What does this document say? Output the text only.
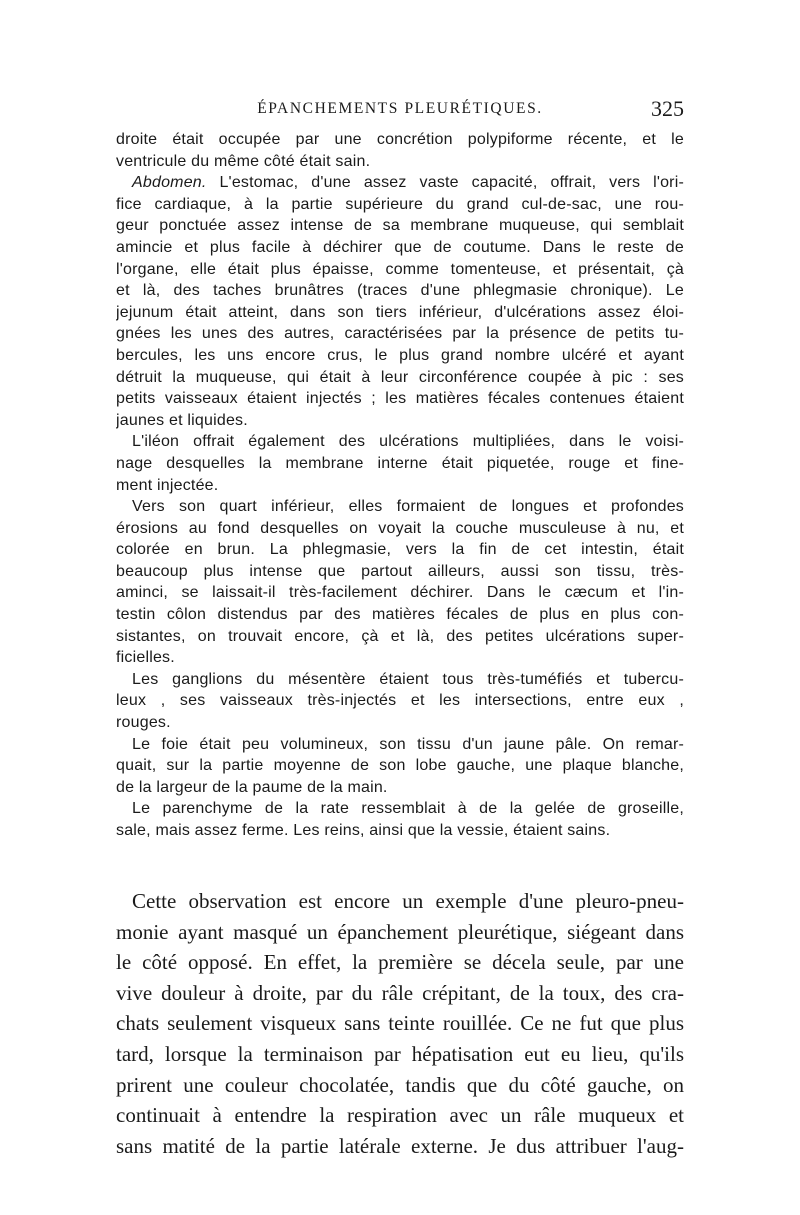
ÉPANCHEMENTS PLEURÉTIQUES.	325
droite était occupée par une concrétion polypiforme récente, et le
ventricule du même côté était sain.
Abdomen. L'estomac, d'une assez vaste capacité, offrait, vers l'ori-
fice cardiaque, à la partie supérieure du grand cul-de-sac, une rou-
geur ponctuée assez intense de sa membrane muqueuse, qui semblait
amincie et plus facile à déchirer que de coutume. Dans le reste de
l'organe, elle était plus épaisse, comme tomenteuse, et présentait, çà
et là, des taches brunâtres (traces d'une phlegmasie chronique). Le
jejunum était atteint, dans son tiers inférieur, d'ulcérations assez éloi-
gnées les unes des autres, caractérisées par la présence de petits tu-
bercules, les uns encore crus, le plus grand nombre ulcéré et ayant
détruit la muqueuse, qui était à leur circonférence coupée à pic : ses
petits vaisseaux étaient injectés ; les matières fécales contenues étaient
jaunes et liquides.
L'iléon offrait également des ulcérations multipliées, dans le voisi-
nage desquelles la membrane interne était piquetée, rouge et fine-
ment injectée.
Vers son quart inférieur, elles formaient de longues et profondes
érosions au fond desquelles on voyait la couche musculeuse à nu, et
colorée en brun. La phlegmasie, vers la fin de cet intestin, était
beaucoup plus intense que partout ailleurs, aussi son tissu, très-
aminci, se laissait-il très-facilement déchirer. Dans le cæcum et l'in-
testin côlon distendus par des matières fécales de plus en plus con-
sistantes, on trouvait encore, çà et là, des petites ulcérations super-
ficielles.
Les ganglions du mésentère étaient tous très-tuméfiés et tubercu-
leux , ses vaisseaux très-injectés et les intersections, entre eux ,
rouges.
Le foie était peu volumineux, son tissu d'un jaune pâle. On remar-
quait, sur la partie moyenne de son lobe gauche, une plaque blanche,
de la largeur de la paume de la main.
Le parenchyme de la rate ressemblait à de la gelée de groseille,
sale, mais assez ferme. Les reins, ainsi que la vessie, étaient sains.
Cette observation est encore un exemple d'une pleuro-pneu-
monie ayant masqué un épanchement pleurétique, siégeant dans
le côté opposé. En effet, la première se décela seule, par une
vive douleur à droite, par du râle crépitant, de la toux, des cra-
chats seulement visqueux sans teinte rouillée. Ce ne fut que plus
tard, lorsque la terminaison par hépatisation eut eu lieu, qu'ils
prirent une couleur chocolatée, tandis que du côté gauche, on
continuait à entendre la respiration avec un râle muqueux et
sans matité de la partie latérale externe. Je dus attribuer l'aug-
